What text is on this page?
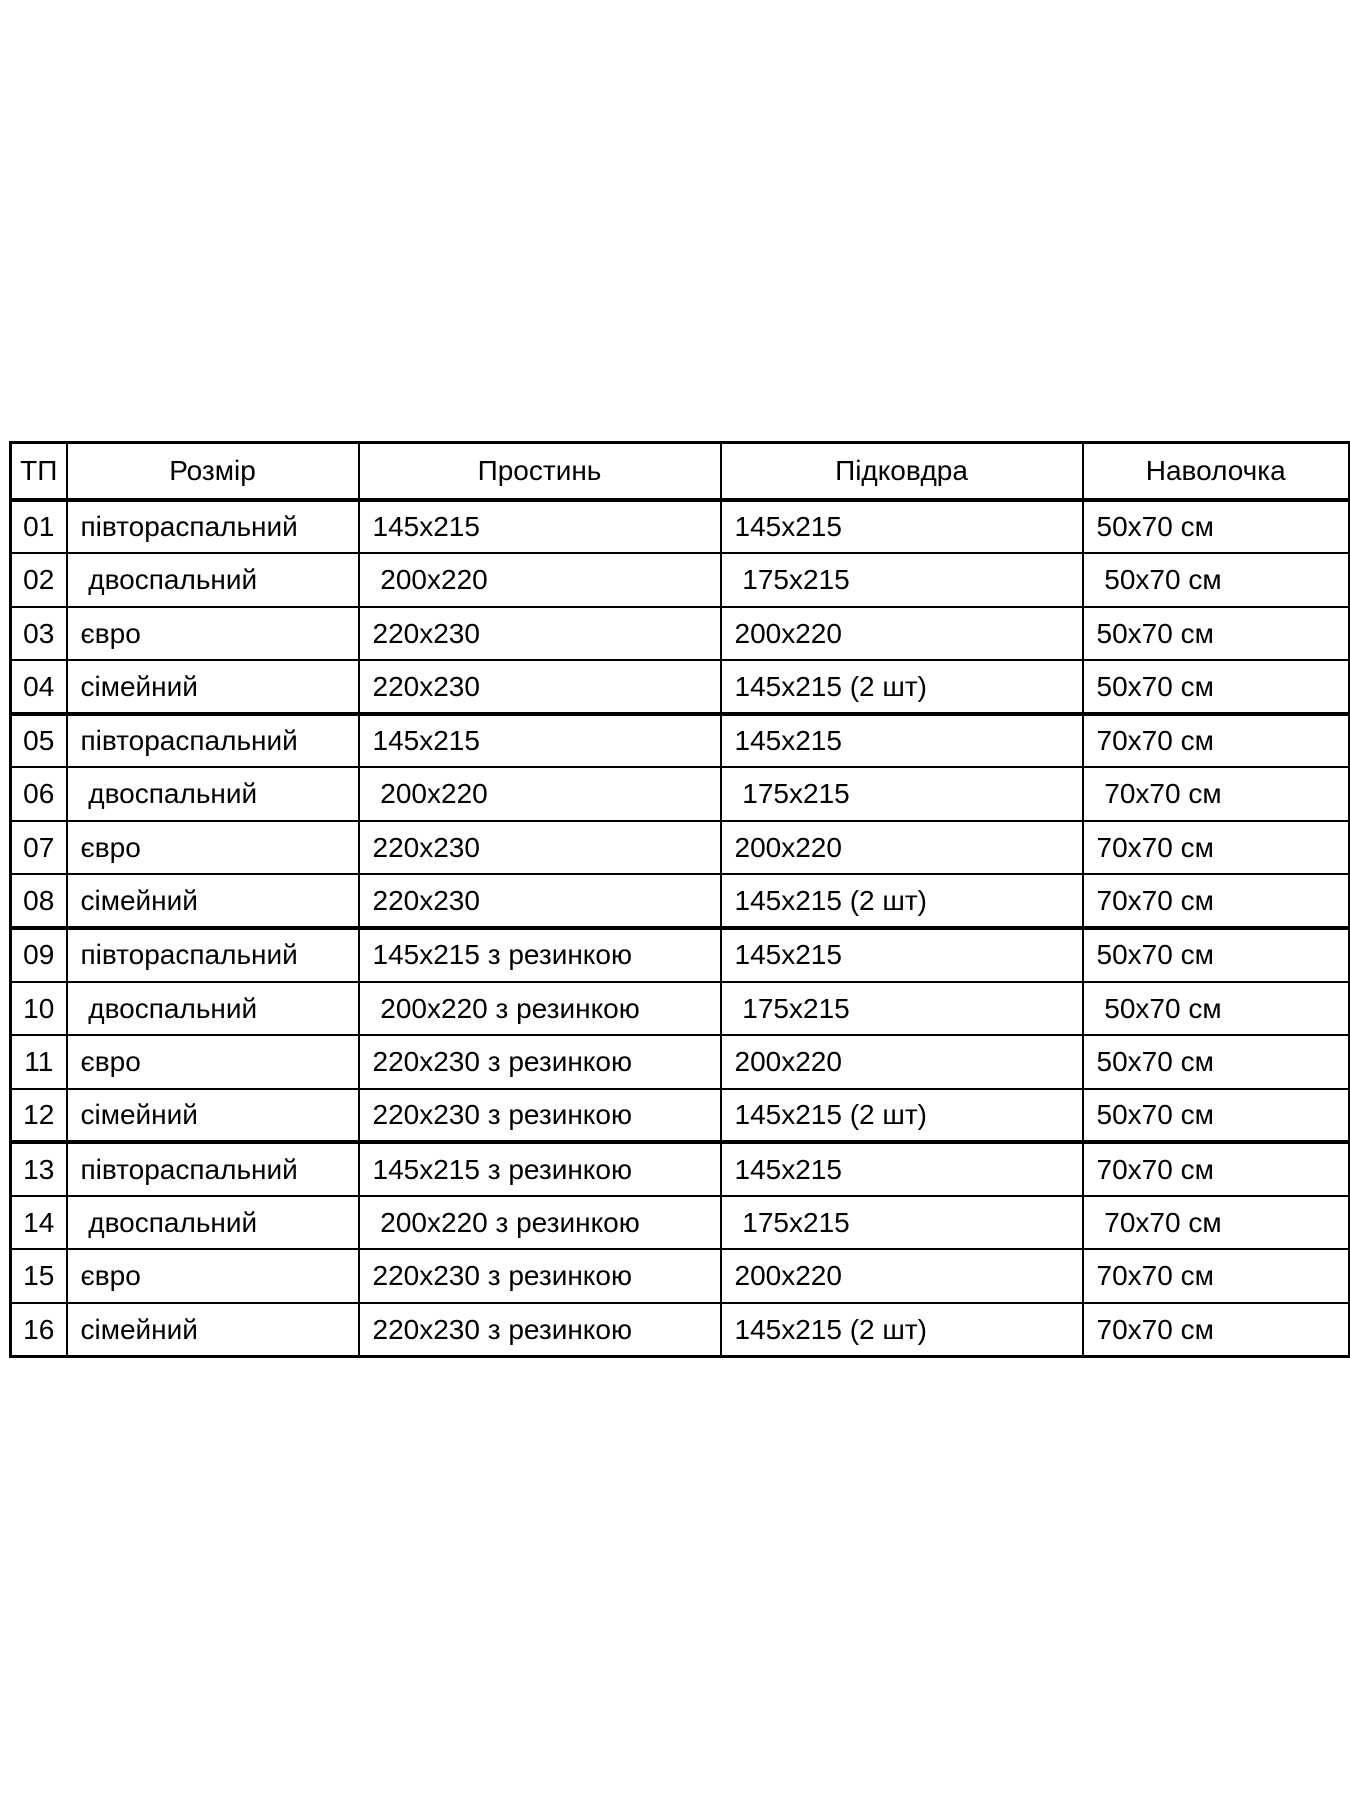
ТП	Розмір	Простинь	Підковдра	Наволочка
01	півтораспальний	145х215	145х215	50х70 см
02	двоспальний	200х220	175х215	50х70 см
03	євро	220х230	200х220	50х70 см
04	сімейний	220х230	145х215 (2 шт)	50х70 см
05	півтораспальний	145х215	145х215	70х70 см
06	двоспальний	200х220	175х215	70х70 см
07	євро	220х230	200х220	70х70 см
08	сімейний	220х230	145х215 (2 шт)	70х70 см
09	півтораспальний	145х215 з резинкою	145х215	50х70 см
10	двоспальний	200х220 з резинкою	175х215	50х70 см
11	євро	220х230 з резинкою	200х220	50х70 см
12	сімейний	220х230 з резинкою	145х215 (2 шт)	50х70 см
13	півтораспальний	145х215 з резинкою	145х215	70х70 см
14	двоспальний	200х220 з резинкою	175х215	70х70 см
15	євро	220х230 з резинкою	200х220	70х70 см
16	сімейний	220х230 з резинкою	145х215 (2 шт)	70х70 см
